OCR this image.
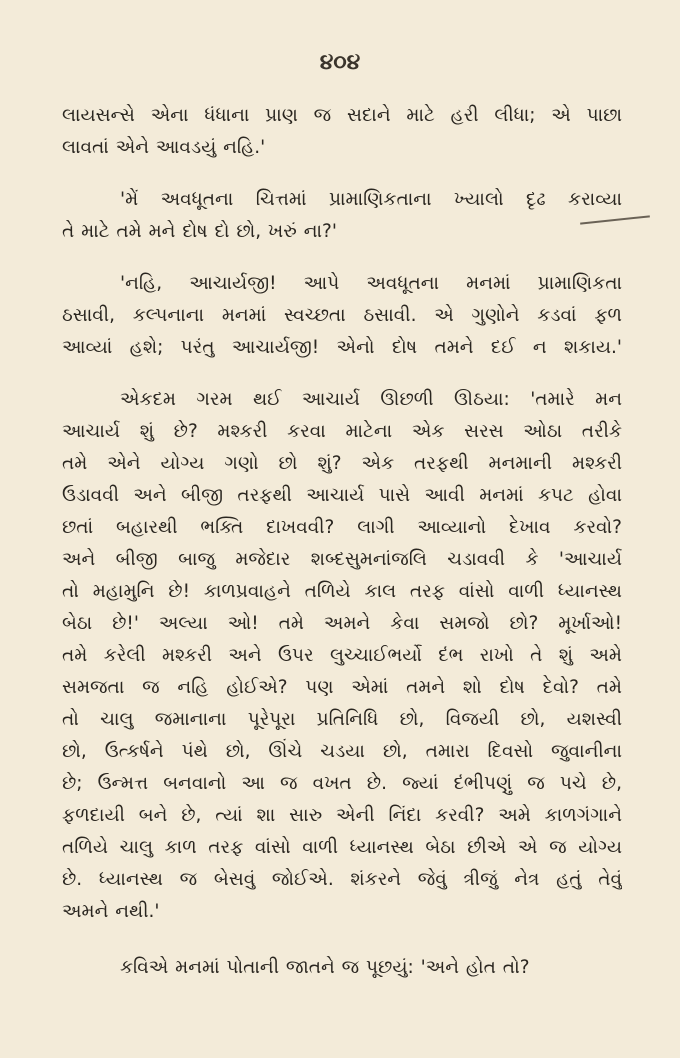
૪૦૪

લાયસન્સે એના ધંધાના પ્રાણ જ સદાને માટે હરી લીધા; એ પાછા
લાવતાં એને આવડયું નહિ.'

'મેં અવધૂતના ચિત્તમાં પ્રામાણિકતાના ખ્યાલો દૃઢ કરાવ્યા
તે માટે તમે મને દોષ દો છો, ખરું ના?'

'નહિ, આચાર્યજી! આપે અવધૂતના મનમાં પ્રામાણિકતા
ઠસાવી, કલ્પનાના મનમાં સ્વચ્છતા ઠસાવી. એ ગુણોને કડવાં ફળ
આવ્યાં હશે; પરંતુ આચાર્યજી! એનો દોષ તમને દઈ ન શકાય.'

એકદમ ગરમ થઈ આચાર્ય ઊછળી ઊઠયા: 'તમારે મન
આચાર્ય શું છે? મશ્કરી કરવા માટેના એક સરસ ઓઠા તરીકે
તમે એને યોગ્ય ગણો છો શું? એક તરફથી મનમાની મશ્કરી
ઉડાવવી અને બીજી તરફથી આચાર્ય પાસે આવી મનમાં કપટ હોવા
છતાં બહારથી ભક્તિ દાખવવી? લાગી આવ્યાનો દેખાવ કરવો?
અને બીજી બાજુ મજેદાર શબ્દસુમનાંજલિ ચડાવવી કે 'આચાર્ય
તો મહામુનિ છે! કાળપ્રવાહને તળિયે કાલ તરફ વાંસો વાળી ધ્યાનસ્થ
બેઠા છે!' અલ્યા ઓ! તમે અમને કેવા સમજો છો? મૂર્ખાઓ!
તમે કરેલી મશ્કરી અને ઉપર લુચ્ચાઈભર્યો દંભ રાખો તે શું અમે
સમજતા જ નહિ હોઈએ? પણ એમાં તમને શો દોષ દેવો? તમે
તો ચાલુ જમાનાના પૂરેપૂરા પ્રતિનિધિ છો, વિજયી છો, યશસ્વી
છો, ઉત્કર્ષને પંથે છો, ઊંચે ચડયા છો, તમારા દિવસો જુવાનીના
છે; ઉન્મત્ત બનવાનો આ જ વખત છે. જ્યાં દંભીપણું જ પચે છે,
ફળદાયી બને છે, ત્યાં શા સારુ એની નિંદા કરવી? અમે કાળગંગાને
તળિયે ચાલુ કાળ તરફ વાંસો વાળી ધ્યાનસ્થ બેઠા છીએ એ જ યોગ્ય
છે. ધ્યાનસ્થ જ બેસવું જોઈએ. શંકરને જેવું ત્રીજું નેત્ર હતું તેવું
અમને નથી.'

કવિએ મનમાં પોતાની જાતને જ પૂછયું: 'અને હોત તો?
